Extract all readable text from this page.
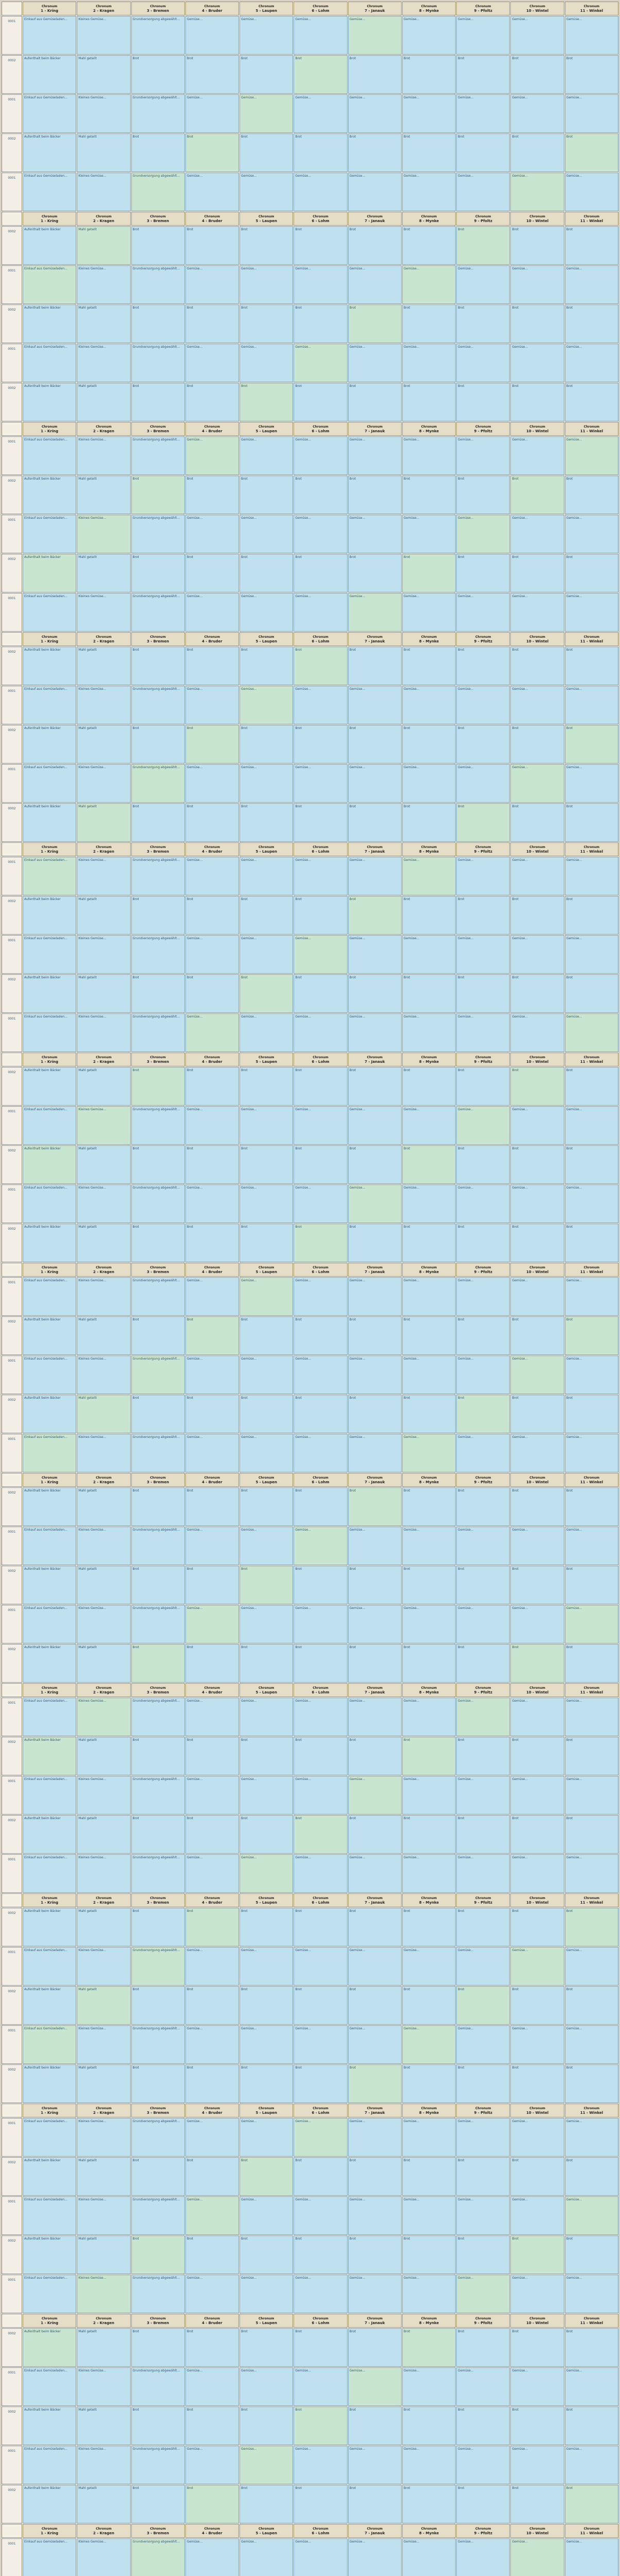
Chronum
1 - Kríng
Chronum
2 - Kragen
Chronum
3 - Bremen
Chronum
4 - Bruder
Chronum
5 - Laupen
Chronum
6 - Lohm
Chronum
7 - Janauk
Chronum
8 - Mynke
Chronum
9 - Pfoltz
Chronum
10 - Wintel
Chronum
11 - Winkel
0001
Einkauf aus Gemüseladen...	Kleines Gemüse...	Grundversorgung abgewählt...	Gemüse...	Gemüse...	Gemüse...	Gemüse...	Gemüse...	Gemüse...	Gemüse...	Gemüse...
0002
Aufenthalt beim Bäcker	Mahl geteilt	Brot	Brot	Brot	Brot	Brot	Brot	Brot	Brot	Brot
0001
Einkauf aus Gemüseladen...	Kleines Gemüse...	Grundversorgung abgewählt...	Gemüse...	Gemüse...	Gemüse...	Gemüse...	Gemüse...	Gemüse...	Gemüse...	Gemüse...
0002
Aufenthalt beim Bäcker	Mahl geteilt	Brot	Brot	Brot	Brot	Brot	Brot	Brot	Brot	Brot
0001
Einkauf aus Gemüseladen...	Kleines Gemüse...	Grundversorgung abgewählt...	Gemüse...	Gemüse...	Gemüse...	Gemüse...	Gemüse...	Gemüse...	Gemüse...	Gemüse...
Chronum
1 - Kríng
Chronum
2 - Kragen
Chronum
3 - Bremen
Chronum
4 - Bruder
Chronum
5 - Laupen
Chronum
6 - Lohm
Chronum
7 - Janauk
Chronum
8 - Mynke
Chronum
9 - Pfoltz
Chronum
10 - Wintel
Chronum
11 - Winkel
0002
Aufenthalt beim Bäcker	Mahl geteilt	Brot	Brot	Brot	Brot	Brot	Brot	Brot	Brot	Brot
0001
Einkauf aus Gemüseladen...	Kleines Gemüse...	Grundversorgung abgewählt...	Gemüse...	Gemüse...	Gemüse...	Gemüse...	Gemüse...	Gemüse...	Gemüse...	Gemüse...
0002
Aufenthalt beim Bäcker	Mahl geteilt	Brot	Brot	Brot	Brot	Brot	Brot	Brot	Brot	Brot
0001
Einkauf aus Gemüseladen...	Kleines Gemüse...	Grundversorgung abgewählt...	Gemüse...	Gemüse...	Gemüse...	Gemüse...	Gemüse...	Gemüse...	Gemüse...	Gemüse...
0002
Aufenthalt beim Bäcker	Mahl geteilt	Brot	Brot	Brot	Brot	Brot	Brot	Brot	Brot	Brot
Chronum
1 - Kríng
Chronum
2 - Kragen
Chronum
3 - Bremen
Chronum
4 - Bruder
Chronum
5 - Laupen
Chronum
6 - Lohm
Chronum
7 - Janauk
Chronum
8 - Mynke
Chronum
9 - Pfoltz
Chronum
10 - Wintel
Chronum
11 - Winkel
0001
Einkauf aus Gemüseladen...	Kleines Gemüse...	Grundversorgung abgewählt...	Gemüse...	Gemüse...	Gemüse...	Gemüse...	Gemüse...	Gemüse...	Gemüse...	Gemüse...
0002
Aufenthalt beim Bäcker	Mahl geteilt	Brot	Brot	Brot	Brot	Brot	Brot	Brot	Brot	Brot
0001
Einkauf aus Gemüseladen...	Kleines Gemüse...	Grundversorgung abgewählt...	Gemüse...	Gemüse...	Gemüse...	Gemüse...	Gemüse...	Gemüse...	Gemüse...	Gemüse...
0002
Aufenthalt beim Bäcker	Mahl geteilt	Brot	Brot	Brot	Brot	Brot	Brot	Brot	Brot	Brot
0001
Einkauf aus Gemüseladen...	Kleines Gemüse...	Grundversorgung abgewählt...	Gemüse...	Gemüse...	Gemüse...	Gemüse...	Gemüse...	Gemüse...	Gemüse...	Gemüse...
Chronum
1 - Kríng
Chronum
2 - Kragen
Chronum
3 - Bremen
Chronum
4 - Bruder
Chronum
5 - Laupen
Chronum
6 - Lohm
Chronum
7 - Janauk
Chronum
8 - Mynke
Chronum
9 - Pfoltz
Chronum
10 - Wintel
Chronum
11 - Winkel
0002
Aufenthalt beim Bäcker	Mahl geteilt	Brot	Brot	Brot	Brot	Brot	Brot	Brot	Brot	Brot
0001
Einkauf aus Gemüseladen...	Kleines Gemüse...	Grundversorgung abgewählt...	Gemüse...	Gemüse...	Gemüse...	Gemüse...	Gemüse...	Gemüse...	Gemüse...	Gemüse...
0002
Aufenthalt beim Bäcker	Mahl geteilt	Brot	Brot	Brot	Brot	Brot	Brot	Brot	Brot	Brot
0001
Einkauf aus Gemüseladen...	Kleines Gemüse...	Grundversorgung abgewählt...	Gemüse...	Gemüse...	Gemüse...	Gemüse...	Gemüse...	Gemüse...	Gemüse...	Gemüse...
0002
Aufenthalt beim Bäcker	Mahl geteilt	Brot	Brot	Brot	Brot	Brot	Brot	Brot	Brot	Brot
Chronum
1 - Kríng
Chronum
2 - Kragen
Chronum
3 - Bremen
Chronum
4 - Bruder
Chronum
5 - Laupen
Chronum
6 - Lohm
Chronum
7 - Janauk
Chronum
8 - Mynke
Chronum
9 - Pfoltz
Chronum
10 - Wintel
Chronum
11 - Winkel
0001
Einkauf aus Gemüseladen...	Kleines Gemüse...	Grundversorgung abgewählt...	Gemüse...	Gemüse...	Gemüse...	Gemüse...	Gemüse...	Gemüse...	Gemüse...	Gemüse...
0002
Aufenthalt beim Bäcker	Mahl geteilt	Brot	Brot	Brot	Brot	Brot	Brot	Brot	Brot	Brot
0001
Einkauf aus Gemüseladen...	Kleines Gemüse...	Grundversorgung abgewählt...	Gemüse...	Gemüse...	Gemüse...	Gemüse...	Gemüse...	Gemüse...	Gemüse...	Gemüse...
0002
Aufenthalt beim Bäcker	Mahl geteilt	Brot	Brot	Brot	Brot	Brot	Brot	Brot	Brot	Brot
0001
Einkauf aus Gemüseladen...	Kleines Gemüse...	Grundversorgung abgewählt...	Gemüse...	Gemüse...	Gemüse...	Gemüse...	Gemüse...	Gemüse...	Gemüse...	Gemüse...
Chronum
1 - Kríng
Chronum
2 - Kragen
Chronum
3 - Bremen
Chronum
4 - Bruder
Chronum
5 - Laupen
Chronum
6 - Lohm
Chronum
7 - Janauk
Chronum
8 - Mynke
Chronum
9 - Pfoltz
Chronum
10 - Wintel
Chronum
11 - Winkel
0002
Aufenthalt beim Bäcker	Mahl geteilt	Brot	Brot	Brot	Brot	Brot	Brot	Brot	Brot	Brot
0001
Einkauf aus Gemüseladen...	Kleines Gemüse...	Grundversorgung abgewählt...	Gemüse...	Gemüse...	Gemüse...	Gemüse...	Gemüse...	Gemüse...	Gemüse...	Gemüse...
0002
Aufenthalt beim Bäcker	Mahl geteilt	Brot	Brot	Brot	Brot	Brot	Brot	Brot	Brot	Brot
0001
Einkauf aus Gemüseladen...	Kleines Gemüse...	Grundversorgung abgewählt...	Gemüse...	Gemüse...	Gemüse...	Gemüse...	Gemüse...	Gemüse...	Gemüse...	Gemüse...
0002
Aufenthalt beim Bäcker	Mahl geteilt	Brot	Brot	Brot	Brot	Brot	Brot	Brot	Brot	Brot
Chronum
1 - Kríng
Chronum
2 - Kragen
Chronum
3 - Bremen
Chronum
4 - Bruder
Chronum
5 - Laupen
Chronum
6 - Lohm
Chronum
7 - Janauk
Chronum
8 - Mynke
Chronum
9 - Pfoltz
Chronum
10 - Wintel
Chronum
11 - Winkel
0001
Einkauf aus Gemüseladen...	Kleines Gemüse...	Grundversorgung abgewählt...	Gemüse...	Gemüse...	Gemüse...	Gemüse...	Gemüse...	Gemüse...	Gemüse...	Gemüse...
0002
Aufenthalt beim Bäcker	Mahl geteilt	Brot	Brot	Brot	Brot	Brot	Brot	Brot	Brot	Brot
0001
Einkauf aus Gemüseladen...	Kleines Gemüse...	Grundversorgung abgewählt...	Gemüse...	Gemüse...	Gemüse...	Gemüse...	Gemüse...	Gemüse...	Gemüse...	Gemüse...
0002
Aufenthalt beim Bäcker	Mahl geteilt	Brot	Brot	Brot	Brot	Brot	Brot	Brot	Brot	Brot
0001
Einkauf aus Gemüseladen...	Kleines Gemüse...	Grundversorgung abgewählt...	Gemüse...	Gemüse...	Gemüse...	Gemüse...	Gemüse...	Gemüse...	Gemüse...	Gemüse...
Chronum
1 - Kríng
Chronum
2 - Kragen
Chronum
3 - Bremen
Chronum
4 - Bruder
Chronum
5 - Laupen
Chronum
6 - Lohm
Chronum
7 - Janauk
Chronum
8 - Mynke
Chronum
9 - Pfoltz
Chronum
10 - Wintel
Chronum
11 - Winkel
0002
Aufenthalt beim Bäcker	Mahl geteilt	Brot	Brot	Brot	Brot	Brot	Brot	Brot	Brot	Brot
0001
Einkauf aus Gemüseladen...	Kleines Gemüse...	Grundversorgung abgewählt...	Gemüse...	Gemüse...	Gemüse...	Gemüse...	Gemüse...	Gemüse...	Gemüse...	Gemüse...
0002
Aufenthalt beim Bäcker	Mahl geteilt	Brot	Brot	Brot	Brot	Brot	Brot	Brot	Brot	Brot
0001
Einkauf aus Gemüseladen...	Kleines Gemüse...	Grundversorgung abgewählt...	Gemüse...	Gemüse...	Gemüse...	Gemüse...	Gemüse...	Gemüse...	Gemüse...	Gemüse...
0002
Aufenthalt beim Bäcker	Mahl geteilt	Brot	Brot	Brot	Brot	Brot	Brot	Brot	Brot	Brot
Chronum
1 - Kríng
Chronum
2 - Kragen
Chronum
3 - Bremen
Chronum
4 - Bruder
Chronum
5 - Laupen
Chronum
6 - Lohm
Chronum
7 - Janauk
Chronum
8 - Mynke
Chronum
9 - Pfoltz
Chronum
10 - Wintel
Chronum
11 - Winkel
0001
Einkauf aus Gemüseladen...	Kleines Gemüse...	Grundversorgung abgewählt...	Gemüse...	Gemüse...	Gemüse...	Gemüse...	Gemüse...	Gemüse...	Gemüse...	Gemüse...
0002
Aufenthalt beim Bäcker	Mahl geteilt	Brot	Brot	Brot	Brot	Brot	Brot	Brot	Brot	Brot
0001
Einkauf aus Gemüseladen...	Kleines Gemüse...	Grundversorgung abgewählt...	Gemüse...	Gemüse...	Gemüse...	Gemüse...	Gemüse...	Gemüse...	Gemüse...	Gemüse...
0002
Aufenthalt beim Bäcker	Mahl geteilt	Brot	Brot	Brot	Brot	Brot	Brot	Brot	Brot	Brot
0001
Einkauf aus Gemüseladen...	Kleines Gemüse...	Grundversorgung abgewählt...	Gemüse...	Gemüse...	Gemüse...	Gemüse...	Gemüse...	Gemüse...	Gemüse...	Gemüse...
Chronum
1 - Kríng
Chronum
2 - Kragen
Chronum
3 - Bremen
Chronum
4 - Bruder
Chronum
5 - Laupen
Chronum
6 - Lohm
Chronum
7 - Janauk
Chronum
8 - Mynke
Chronum
9 - Pfoltz
Chronum
10 - Wintel
Chronum
11 - Winkel
0002
Aufenthalt beim Bäcker	Mahl geteilt	Brot	Brot	Brot	Brot	Brot	Brot	Brot	Brot	Brot
0001
Einkauf aus Gemüseladen...	Kleines Gemüse...	Grundversorgung abgewählt...	Gemüse...	Gemüse...	Gemüse...	Gemüse...	Gemüse...	Gemüse...	Gemüse...	Gemüse...
0002
Aufenthalt beim Bäcker	Mahl geteilt	Brot	Brot	Brot	Brot	Brot	Brot	Brot	Brot	Brot
0001
Einkauf aus Gemüseladen...	Kleines Gemüse...	Grundversorgung abgewählt...	Gemüse...	Gemüse...	Gemüse...	Gemüse...	Gemüse...	Gemüse...	Gemüse...	Gemüse...
0002
Aufenthalt beim Bäcker	Mahl geteilt	Brot	Brot	Brot	Brot	Brot	Brot	Brot	Brot	Brot
Chronum
1 - Kríng
Chronum
2 - Kragen
Chronum
3 - Bremen
Chronum
4 - Bruder
Chronum
5 - Laupen
Chronum
6 - Lohm
Chronum
7 - Janauk
Chronum
8 - Mynke
Chronum
9 - Pfoltz
Chronum
10 - Wintel
Chronum
11 - Winkel
0001
Einkauf aus Gemüseladen...	Kleines Gemüse...	Grundversorgung abgewählt...	Gemüse...	Gemüse...	Gemüse...	Gemüse...	Gemüse...	Gemüse...	Gemüse...	Gemüse...
0002
Aufenthalt beim Bäcker	Mahl geteilt	Brot	Brot	Brot	Brot	Brot	Brot	Brot	Brot	Brot
0001
Einkauf aus Gemüseladen...	Kleines Gemüse...	Grundversorgung abgewählt...	Gemüse...	Gemüse...	Gemüse...	Gemüse...	Gemüse...	Gemüse...	Gemüse...	Gemüse...
0002
Aufenthalt beim Bäcker	Mahl geteilt	Brot	Brot	Brot	Brot	Brot	Brot	Brot	Brot	Brot
0001
Einkauf aus Gemüseladen...	Kleines Gemüse...	Grundversorgung abgewählt...	Gemüse...	Gemüse...	Gemüse...	Gemüse...	Gemüse...	Gemüse...	Gemüse...	Gemüse...
Chronum
1 - Kríng
Chronum
2 - Kragen
Chronum
3 - Bremen
Chronum
4 - Bruder
Chronum
5 - Laupen
Chronum
6 - Lohm
Chronum
7 - Janauk
Chronum
8 - Mynke
Chronum
9 - Pfoltz
Chronum
10 - Wintel
Chronum
11 - Winkel
0002
Aufenthalt beim Bäcker	Mahl geteilt	Brot	Brot	Brot	Brot	Brot	Brot	Brot	Brot	Brot
0001
Einkauf aus Gemüseladen...	Kleines Gemüse...	Grundversorgung abgewählt...	Gemüse...	Gemüse...	Gemüse...	Gemüse...	Gemüse...	Gemüse...	Gemüse...	Gemüse...
0002
Aufenthalt beim Bäcker	Mahl geteilt	Brot	Brot	Brot	Brot	Brot	Brot	Brot	Brot	Brot
0001
Einkauf aus Gemüseladen...	Kleines Gemüse...	Grundversorgung abgewählt...	Gemüse...	Gemüse...	Gemüse...	Gemüse...	Gemüse...	Gemüse...	Gemüse...	Gemüse...
0002
Aufenthalt beim Bäcker	Mahl geteilt	Brot	Brot	Brot	Brot	Brot	Brot	Brot	Brot	Brot
Chronum
1 - Kríng
Chronum
2 - Kragen
Chronum
3 - Bremen
Chronum
4 - Bruder
Chronum
5 - Laupen
Chronum
6 - Lohm
Chronum
7 - Janauk
Chronum
8 - Mynke
Chronum
9 - Pfoltz
Chronum
10 - Wintel
Chronum
11 - Winkel
0001
Einkauf aus Gemüseladen...	Kleines Gemüse...	Grundversorgung abgewählt...	Gemüse...	Gemüse...	Gemüse...	Gemüse...	Gemüse...	Gemüse...	Gemüse...	Gemüse...
